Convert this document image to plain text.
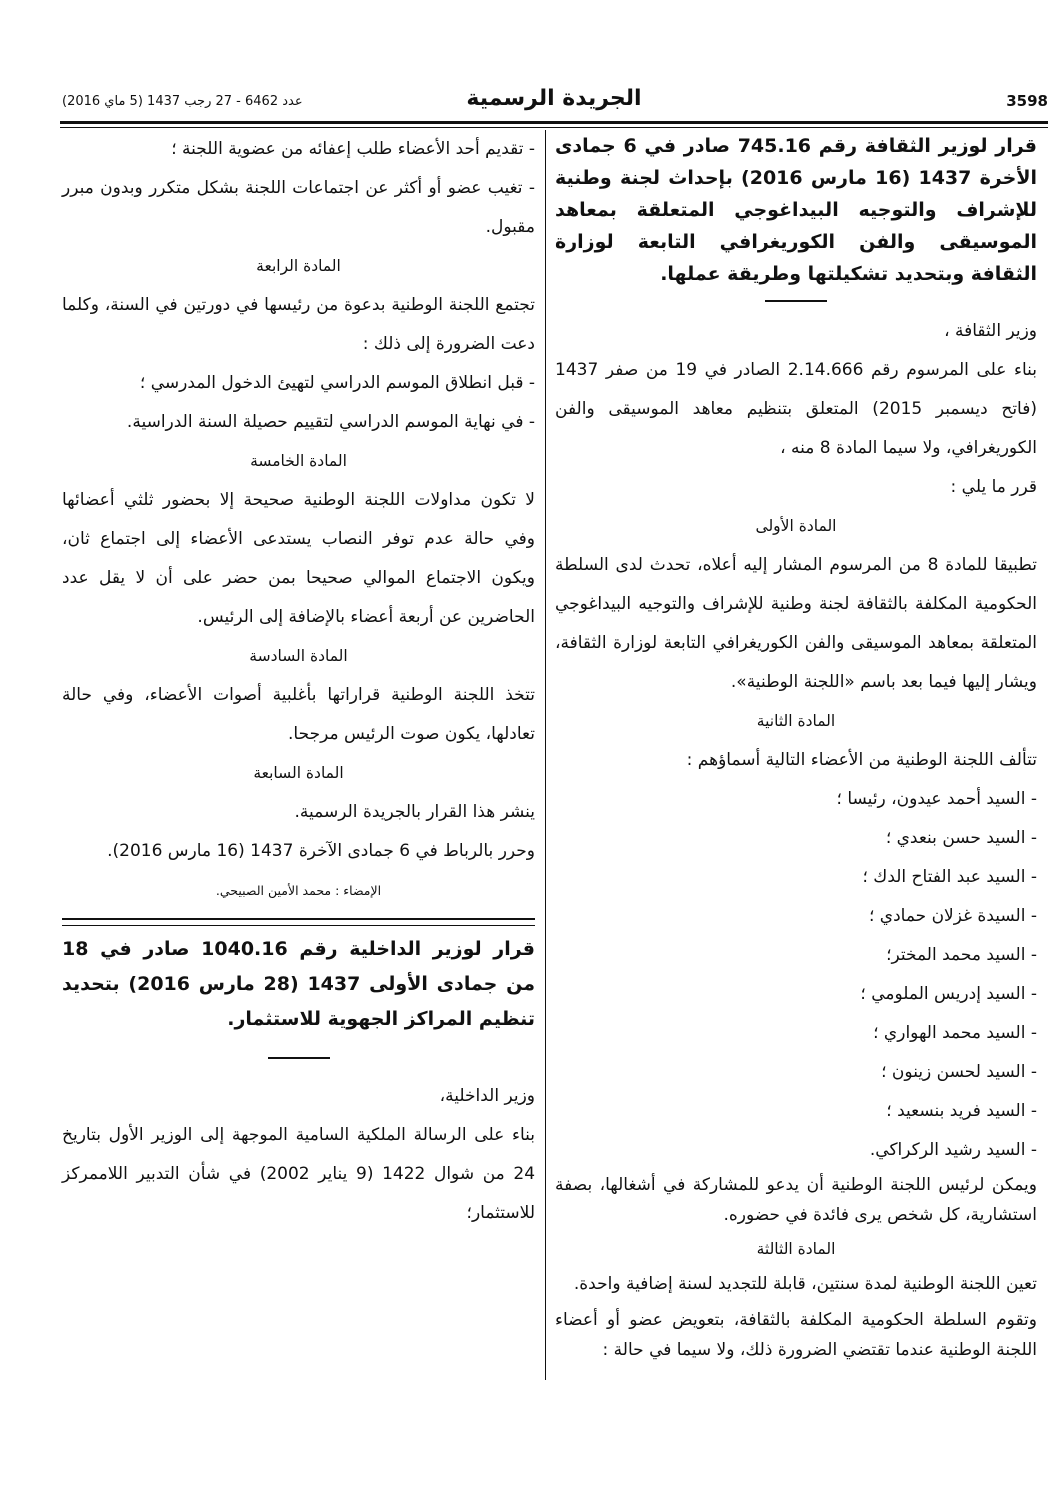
3598
الجريدة الرسمية
عدد 6462 - 27 رجب 1437 (5 ماي 2016)

قرار لوزير الثقافة رقم 745.16 صادر في 6 جمادى الأخرة 1437 (16 مارس 2016) بإحداث لجنة وطنية للإشراف والتوجيه البيداغوجي المتعلقة بمعاهد الموسيقى والفن الكوريغرافي التابعة لوزارة الثقافة وبتحديد تشكيلتها وطريقة عملها.

وزير الثقافة ،

بناء على المرسوم رقم 2.14.666 الصادر في 19 من صفر 1437 (فاتح ديسمبر 2015) المتعلق بتنظيم معاهد الموسيقى والفن الكوريغرافي، ولا سيما المادة 8 منه ،

قرر ما يلي :

المادة الأولى

تطبيقا للمادة 8 من المرسوم المشار إليه أعلاه، تحدث لدى السلطة الحكومية المكلفة بالثقافة لجنة وطنية للإشراف والتوجيه البيداغوجي المتعلقة بمعاهد الموسيقى والفن الكوريغرافي التابعة لوزارة الثقافة، ويشار إليها فيما بعد باسم «اللجنة الوطنية».

المادة الثانية

تتألف اللجنة الوطنية من الأعضاء التالية أسماؤهم :

- السيد أحمد عيدون، رئيسا ؛

- السيد حسن بنعدي ؛

- السيد عبد الفتاح الدك ؛

- السيدة غزلان حمادي ؛

- السيد محمد المختر؛

- السيد إدريس الملومي ؛

- السيد محمد الهواري ؛

- السيد لحسن زينون ؛

- السيد فريد بنسعيد ؛

- السيد رشيد الركراكي.

ويمكن لرئيس اللجنة الوطنية أن يدعو للمشاركة في أشغالها، بصفة استشارية، كل شخص يرى فائدة في حضوره.

المادة الثالثة

تعين اللجنة الوطنية لمدة سنتين، قابلة للتجديد لسنة إضافية واحدة.

وتقوم السلطة الحكومية المكلفة بالثقافة، بتعويض عضو أو أعضاء اللجنة الوطنية عندما تقتضي الضرورة ذلك، ولا سيما في حالة :

- تقديم أحد الأعضاء طلب إعفائه من عضوية اللجنة ؛

- تغيب عضو أو أكثر عن اجتماعات اللجنة بشكل متكرر وبدون مبرر مقبول.

المادة الرابعة

تجتمع اللجنة الوطنية بدعوة من رئيسها في دورتين في السنة، وكلما دعت الضرورة إلى ذلك :

- قبل انطلاق الموسم الدراسي لتهيئ الدخول المدرسي ؛

- في نهاية الموسم الدراسي لتقييم حصيلة السنة الدراسية.

المادة الخامسة

لا تكون مداولات اللجنة الوطنية صحيحة إلا بحضور ثلثي أعضائها وفي حالة عدم توفر النصاب يستدعى الأعضاء إلى اجتماع ثان، ويكون الاجتماع الموالي صحيحا بمن حضر على أن لا يقل عدد الحاضرين عن أربعة أعضاء بالإضافة إلى الرئيس.

المادة السادسة

تتخذ اللجنة الوطنية قراراتها بأغلبية أصوات الأعضاء، وفي حالة تعادلها، يكون صوت الرئيس مرجحا.

المادة السابعة

ينشر هذا القرار بالجريدة الرسمية.

وحرر بالرباط في 6 جمادى الآخرة 1437 (16 مارس 2016).

الإمضاء : محمد الأمين الصبيحي.

قرار لوزير الداخلية رقم 1040.16 صادر في 18 من جمادى الأولى 1437 (28 مارس 2016) بتحديد تنظيم المراكز الجهوية للاستثمار.

وزير الداخلية،

بناء على الرسالة الملكية السامية الموجهة إلى الوزير الأول بتاريخ 24 من شوال 1422 (9 يناير 2002) في شأن التدبير اللاممركز للاستثمار؛
